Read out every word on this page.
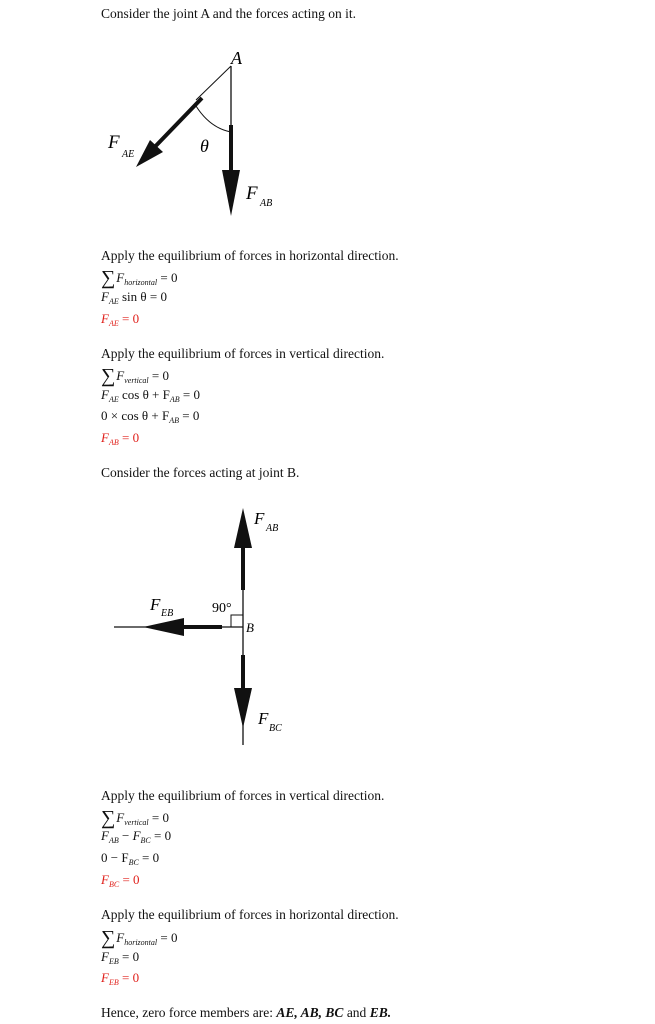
Consider the joint A and the forces acting on it.
A
F
AE	θ
F AB
Apply the equilibrium of forces in horizontal direction.
$\sum F_{horizontal} = 0$
$F_{AE}$ sin θ = 0
$F_{AE} = 0$
Apply the equilibrium of forces in vertical direction.
$\sum F_{vertical} = 0$
$F_{AE}$ $\cos \theta + F_{AB} = 0$
$0 \times \cos \theta + F_{AB} = 0$
$F_{AB} = 0$
Consider the forces acting at joint B.
F
AB
F EB	90°
B
F
BC
Apply the equilibrium of forces in vertical direction.
$\sum F_{vertical} = 0$
$F_{AB} - F_{BC} = 0$
$0 - F_{BC} = 0$
$F_{BC} = 0$
Apply the equilibrium of forces in horizontal direction.
$\sum F_{horizontal} = 0$
$F_{EB} = 0$
$F_{EB} = 0$
Hence, zero force members are: AE, AB, BC and EB.
